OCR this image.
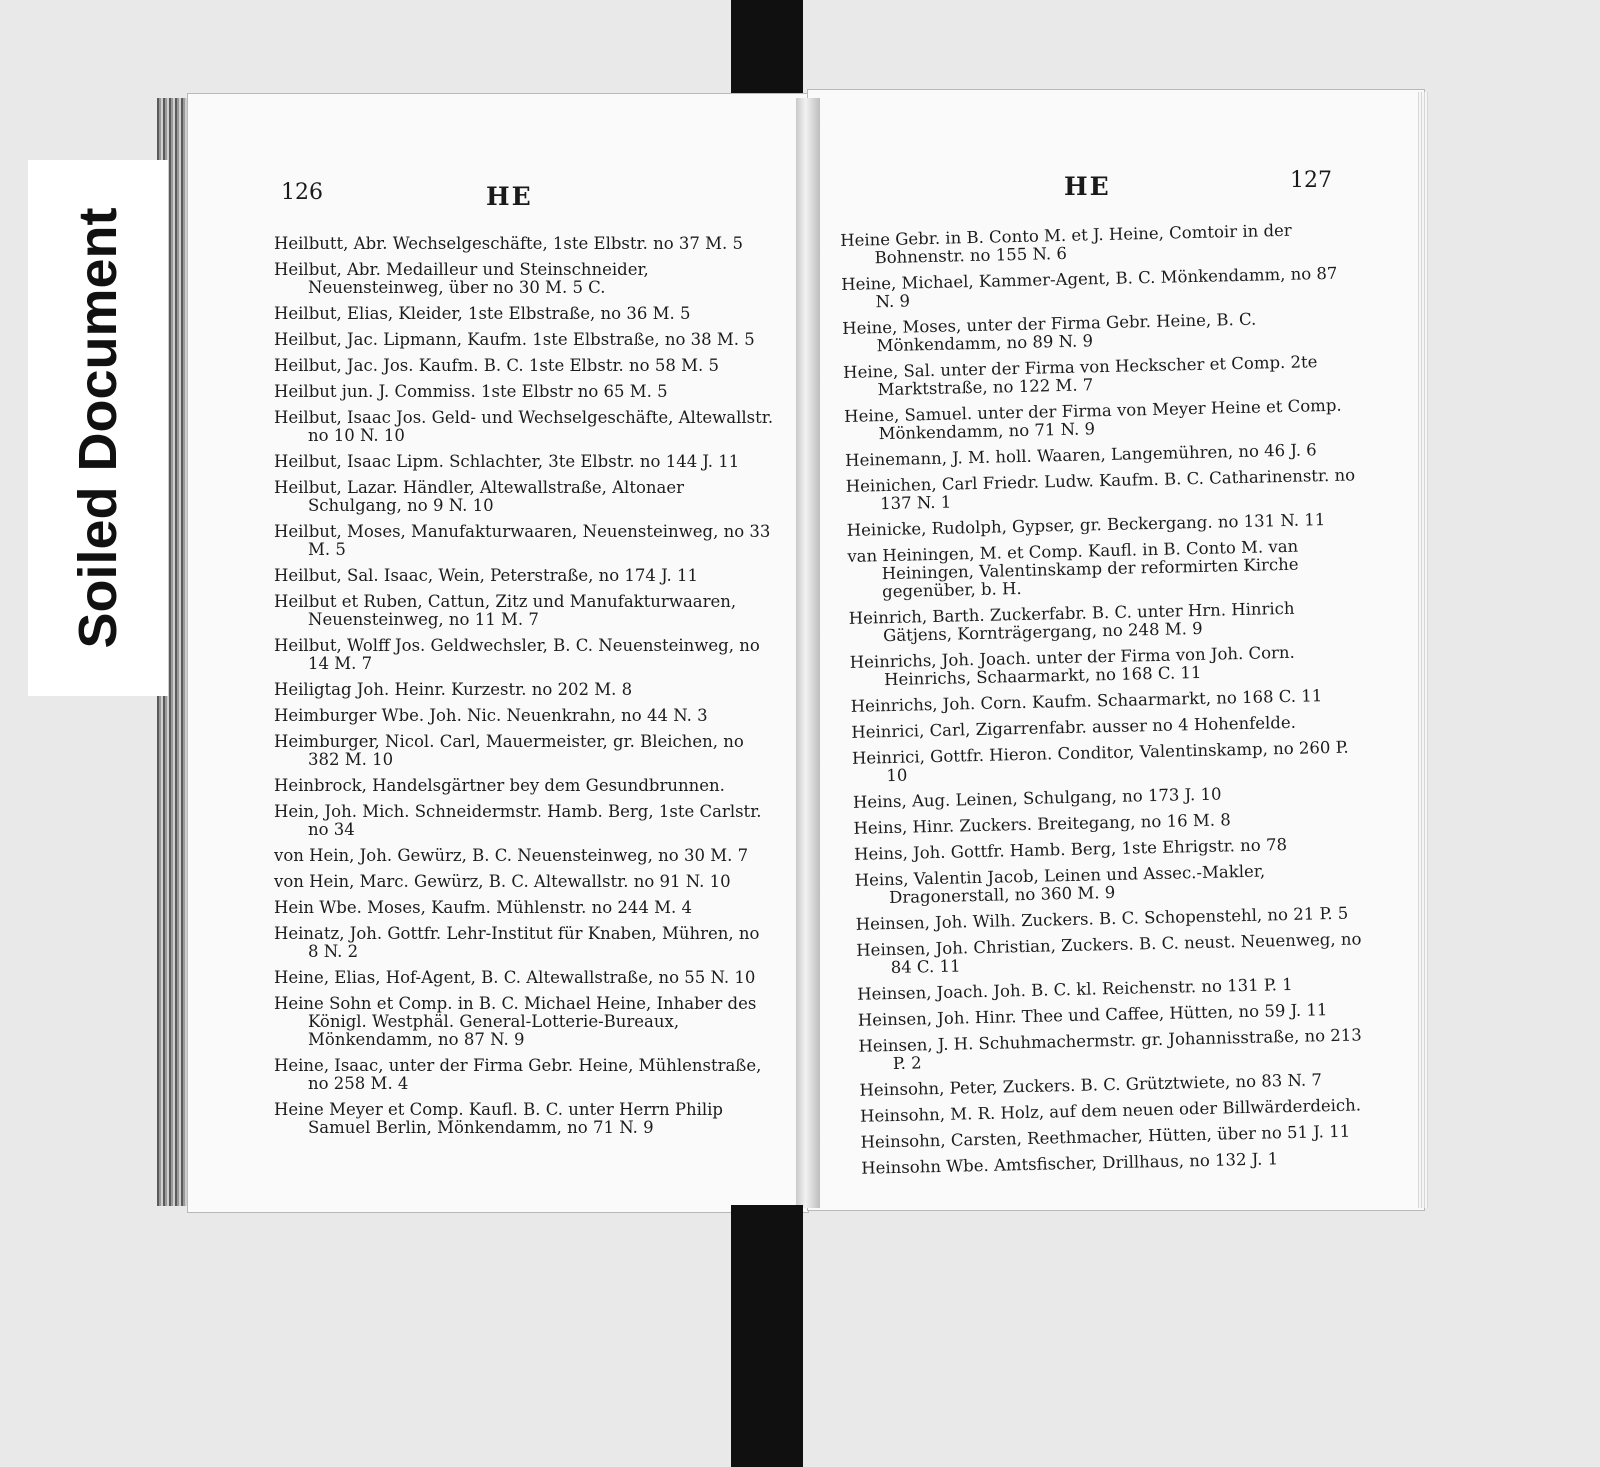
Soiled Document
126	HE	HE	127
Heilbutt, Abr. Wechselgeschäfte, 1ste Elbstr. no 37 M. 5
Heilbut, Abr. Medailleur und Steinschneider, Neuensteinweg, über no 30 M. 5 C.
Heilbut, Elias, Kleider, 1ste Elbstraße, no 36 M. 5
Heilbut, Jac. Lipmann, Kaufm. 1ste Elbstraße, no 38 M. 5
Heilbut, Jac. Jos. Kaufm. B. C. 1ste Elbstr. no 58 M. 5
Heilbut jun. J. Commiss. 1ste Elbstr no 65 M. 5
Heilbut, Isaac Jos. Geld- und Wechselgeschäfte, Altewallstr. no 10 N. 10
Heilbut, Isaac Lipm. Schlachter, 3te Elbstr. no 144 J. 11
Heilbut, Lazar. Händler, Altewallstraße, Altonaer Schulgang, no 9 N. 10
Heilbut, Moses, Manufakturwaaren, Neuensteinweg, no 33 M. 5
Heilbut, Sal. Isaac, Wein, Peterstraße, no 174 J. 11
Heilbut et Ruben, Cattun, Zitz und Manufakturwaaren, Neuensteinweg, no 11 M. 7
Heilbut, Wolff Jos. Geldwechsler, B. C. Neuensteinweg, no 14 M. 7
Heiligtag Joh. Heinr. Kurzestr. no 202 M. 8
Heimburger Wbe. Joh. Nic. Neuenkrahn, no 44 N. 3
Heimburger, Nicol. Carl, Mauermeister, gr. Bleichen, no 382 M. 10
Heinbrock, Handelsgärtner bey dem Gesundbrunnen.
Hein, Joh. Mich. Schneidermstr. Hamb. Berg, 1ste Carlstr. no 34
von Hein, Joh. Gewürz, B. C. Neuensteinweg, no 30 M. 7
von Hein, Marc. Gewürz, B. C. Altewallstr. no 91 N. 10
Hein Wbe. Moses, Kaufm. Mühlenstr. no 244 M. 4
Heinatz, Joh. Gottfr. Lehr-Institut für Knaben, Mühren, no 8 N. 2
Heine, Elias, Hof-Agent, B. C. Altewallstraße, no 55 N. 10
Heine Sohn et Comp. in B. C. Michael Heine, Inhaber des Königl. Westphäl. General-Lotterie-Bureaux, Mönkendamm, no 87 N. 9
Heine, Isaac, unter der Firma Gebr. Heine, Mühlenstraße, no 258 M. 4
Heine Meyer et Comp. Kaufl. B. C. unter Herrn Philip Samuel Berlin, Mönkendamm, no 71 N. 9
Heine Gebr. in B. Conto M. et J. Heine, Comtoir in der Bohnenstr. no 155 N. 6
Heine, Michael, Kammer-Agent, B. C. Mönkendamm, no 87 N. 9
Heine, Moses, unter der Firma Gebr. Heine, B. C. Mönkendamm, no 89 N. 9
Heine, Sal. unter der Firma von Heckscher et Comp. 2te Marktstraße, no 122 M. 7
Heine, Samuel. unter der Firma von Meyer Heine et Comp. Mönkendamm, no 71 N. 9
Heinemann, J. M. holl. Waaren, Langemühren, no 46 J. 6
Heinichen, Carl Friedr. Ludw. Kaufm. B. C. Catharinenstr. no 137 N. 1
Heinicke, Rudolph, Gypser, gr. Beckergang. no 131 N. 11
van Heiningen, M. et Comp. Kaufl. in B. Conto M. van Heiningen, Valentinskamp der reformirten Kirche gegenüber, b. H.
Heinrich, Barth. Zuckerfabr. B. C. unter Hrn. Hinrich Gätjens, Kornträgergang, no 248 M. 9
Heinrichs, Joh. Joach. unter der Firma von Joh. Corn. Heinrichs, Schaarmarkt, no 168 C. 11
Heinrichs, Joh. Corn. Kaufm. Schaarmarkt, no 168 C. 11
Heinrici, Carl, Zigarrenfabr. ausser no 4 Hohenfelde.
Heinrici, Gottfr. Hieron. Conditor, Valentinskamp, no 260 P. 10
Heins, Aug. Leinen, Schulgang, no 173 J. 10
Heins, Hinr. Zuckers. Breitegang, no 16 M. 8
Heins, Joh. Gottfr. Hamb. Berg, 1ste Ehrigstr. no 78
Heins, Valentin Jacob, Leinen und Assec.-Makler, Dragonerstall, no 360 M. 9
Heinsen, Joh. Wilh. Zuckers. B. C. Schopenstehl, no 21 P. 5
Heinsen, Joh. Christian, Zuckers. B. C. neust. Neuenweg, no 84 C. 11
Heinsen, Joach. Joh. B. C. kl. Reichenstr. no 131 P. 1
Heinsen, Joh. Hinr. Thee und Caffee, Hütten, no 59 J. 11
Heinsen, J. H. Schuhmachermstr. gr. Johannisstraße, no 213 P. 2
Heinsohn, Peter, Zuckers. B. C. Grütztwiete, no 83 N. 7
Heinsohn, M. R. Holz, auf dem neuen oder Billwärderdeich.
Heinsohn, Carsten, Reethmacher, Hütten, über no 51 J. 11
Heinsohn Wbe. Amtsfischer, Drillhaus, no 132 J. 1
